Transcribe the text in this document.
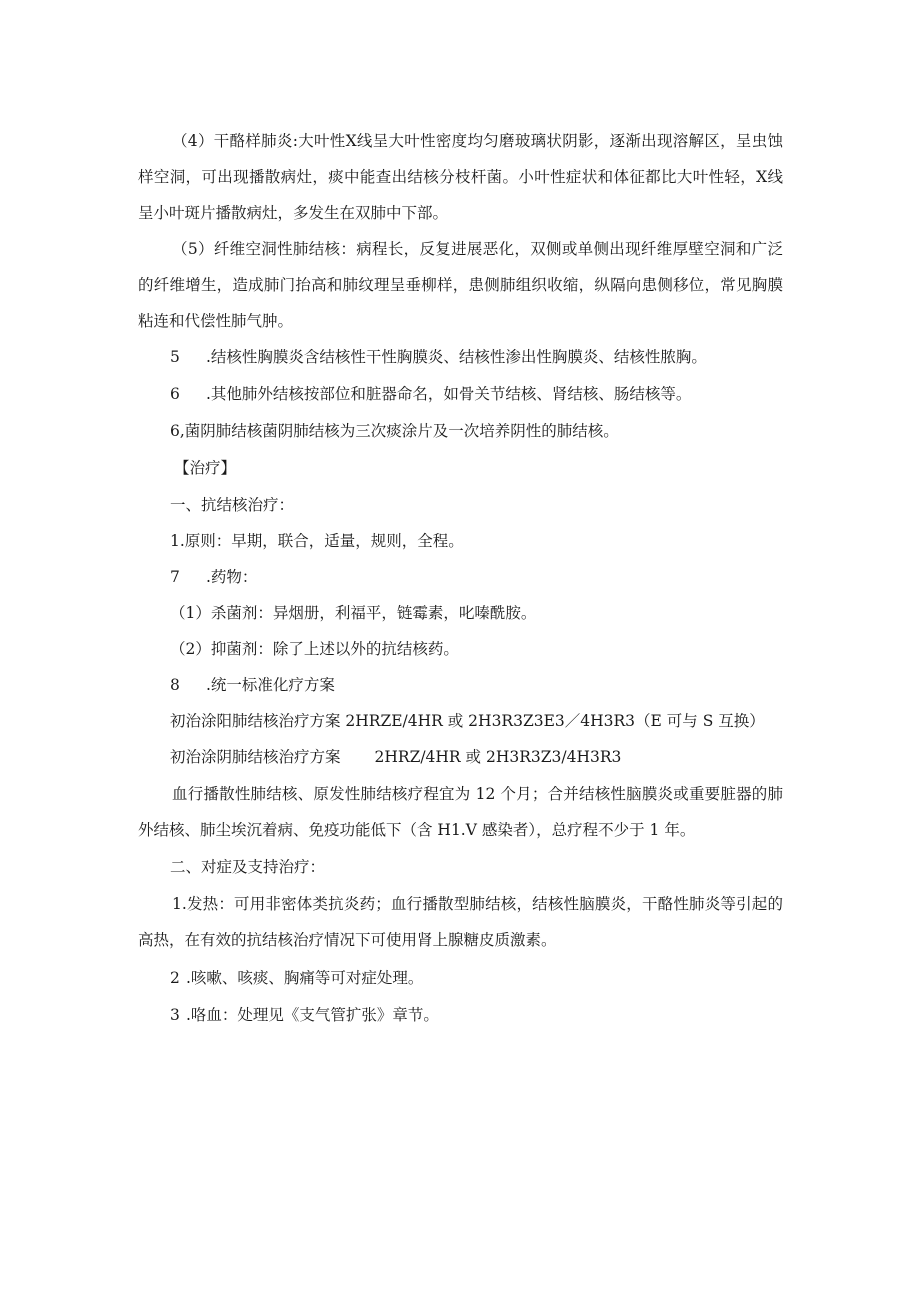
（4）干酪样肺炎:大叶性X线呈大叶性密度均匀磨玻璃状阴影，逐渐出现溶解区，呈虫蚀样空洞，可出现播散病灶，痰中能查出结核分枝杆菌。小叶性症状和体征都比大叶性轻，X线呈小叶斑片播散病灶，多发生在双肺中下部。
（5）纤维空洞性肺结核：病程长，反复进展恶化，双侧或单侧出现纤维厚壁空洞和广泛的纤维增生，造成肺门抬高和肺纹理呈垂柳样，患侧肺组织收缩，纵隔向患侧移位，常见胸膜粘连和代偿性肺气肿。
5 .结核性胸膜炎含结核性干性胸膜炎、结核性渗出性胸膜炎、结核性脓胸。
6 .其他肺外结核按部位和脏器命名，如骨关节结核、肾结核、肠结核等。
6,菌阴肺结核菌阴肺结核为三次痰涂片及一次培养阴性的肺结核。
【治疗】
一、抗结核治疗：
1.原则：早期，联合，适量，规则，全程。
7 .药物：
（1）杀菌剂：异烟册，利福平，链霉素，叱嗪酰胺。
（2）抑菌剂：除了上述以外的抗结核药。
8 .统一标准化疗方案
初治涂阳肺结核治疗方案 2HRZE/4HR 或 2H3R3Z3E3／4H3R3（E 可与 S 互换）
初治涂阴肺结核治疗方案 2HRZ/4HR 或 2H3R3Z3/4H3R3
血行播散性肺结核、原发性肺结核疗程宜为 12 个月；合并结核性脑膜炎或重要脏器的肺外结核、肺尘埃沉着病、免疫功能低下（含 H1.V 感染者），总疗程不少于 1 年。
二、对症及支持治疗：
1.发热：可用非密体类抗炎药；血行播散型肺结核，结核性脑膜炎，干酪性肺炎等引起的高热，在有效的抗结核治疗情况下可使用肾上腺糖皮质激素。
2 .咳嗽、咳痰、胸痛等可对症处理。
3 .咯血：处理见《支气管扩张》章节。
